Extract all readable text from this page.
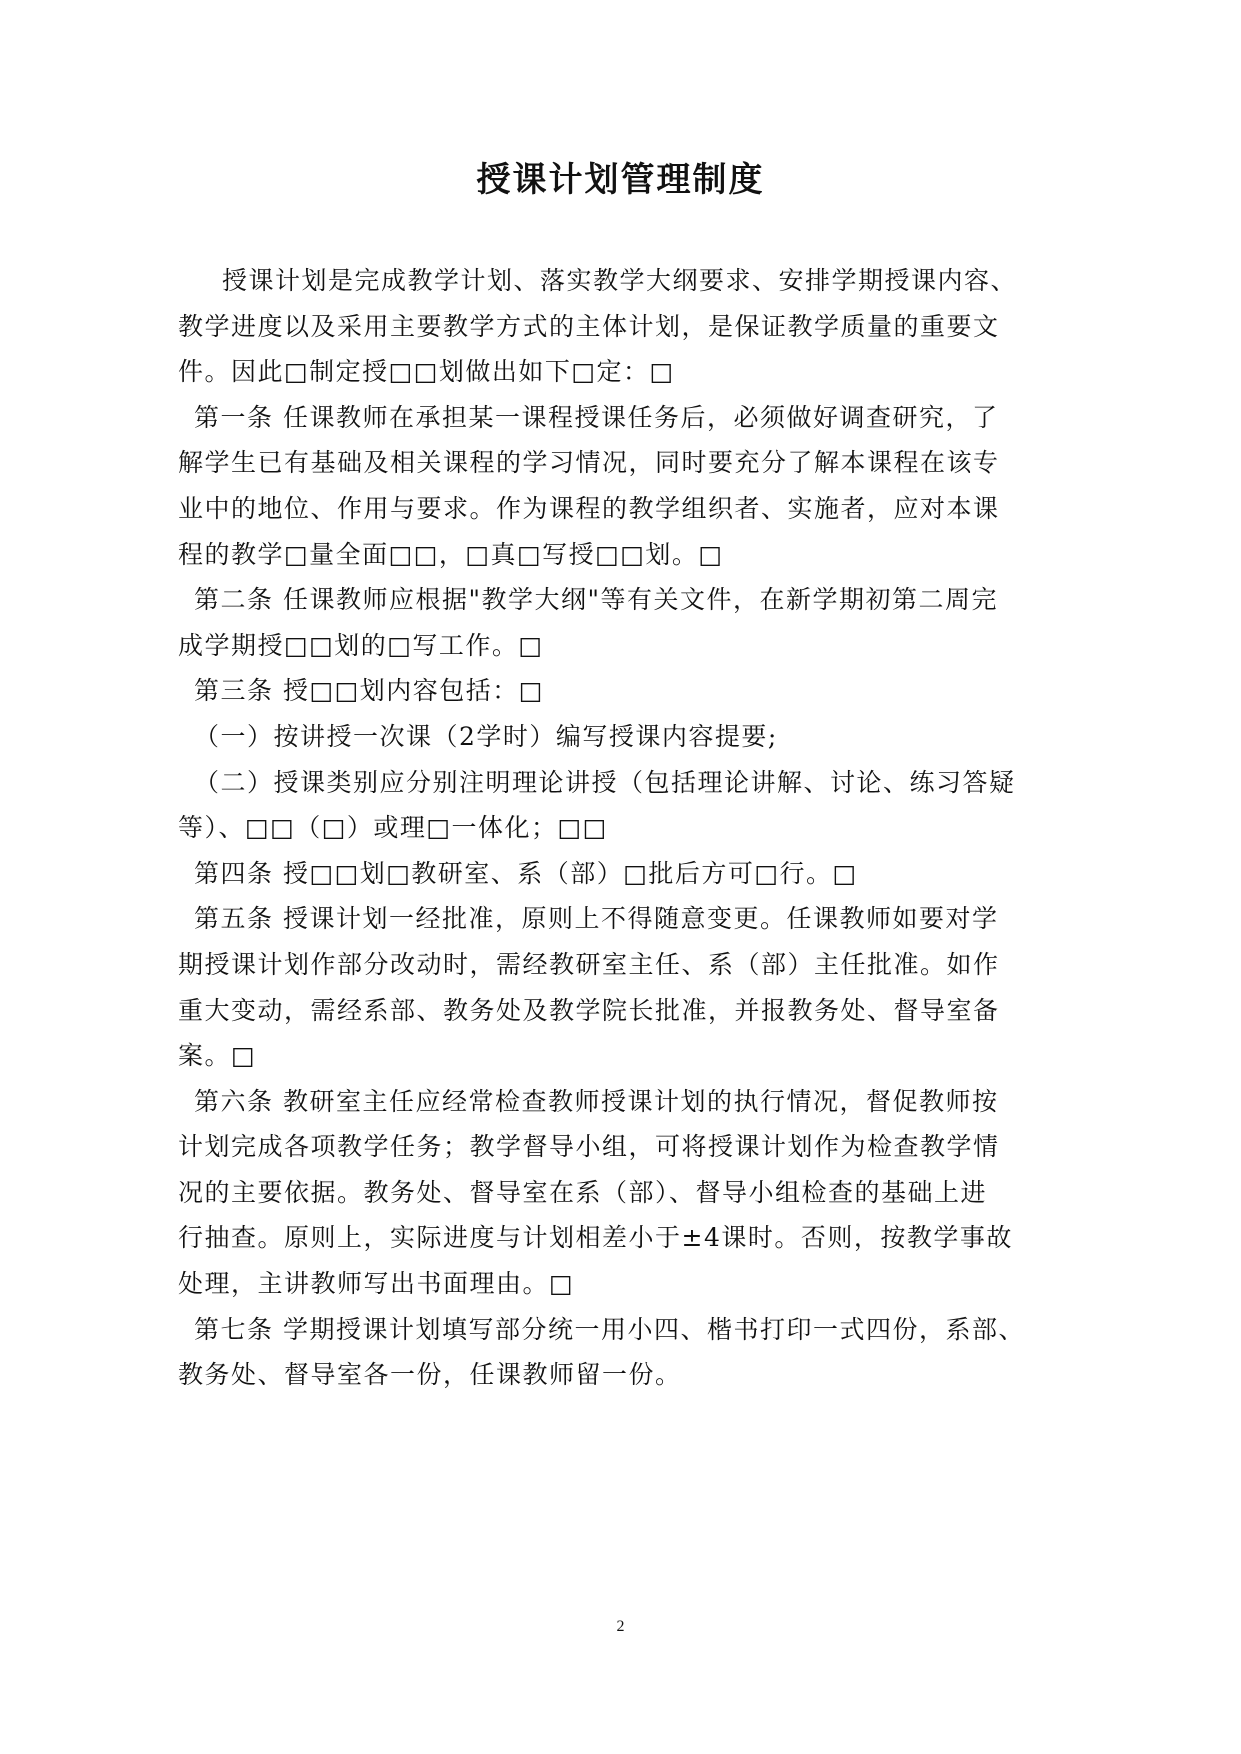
授课计划管理制度
授课计划是完成教学计划、落实教学大纲要求、安排学期授课内容、
教学进度以及采用主要教学方式的主体计划，是保证教学质量的重要文
件。因此□制定授□□划做出如下□定：□
第一条 任课教师在承担某一课程授课任务后，必须做好调查研究，了
解学生已有基础及相关课程的学习情况，同时要充分了解本课程在该专
业中的地位、作用与要求。作为课程的教学组织者、实施者，应对本课
程的教学□量全面□□，□真□写授□□划。□
第二条 任课教师应根据"教学大纲"等有关文件，在新学期初第二周完
成学期授□□划的□写工作。□
第三条 授□□划内容包括：□
（一）按讲授一次课（2学时）编写授课内容提要;
（二）授课类别应分别注明理论讲授（包括理论讲解、讨论、练习答疑
等）、□□（□）或理□一体化；□□
第四条 授□□划□教研室、系（部）□批后方可□行。□
第五条 授课计划一经批准，原则上不得随意变更。任课教师如要对学
期授课计划作部分改动时，需经教研室主任、系（部）主任批准。如作
重大变动，需经系部、教务处及教学院长批准，并报教务处、督导室备
案。□
第六条 教研室主任应经常检查教师授课计划的执行情况，督促教师按
计划完成各项教学任务；教学督导小组，可将授课计划作为检查教学情
况的主要依据。教务处、督导室在系（部）、督导小组检查的基础上进
行抽查。原则上，实际进度与计划相差小于±4课时。否则，按教学事故
处理，主讲教师写出书面理由。□
第七条 学期授课计划填写部分统一用小四、楷书打印一式四份，系部、
教务处、督导室各一份，任课教师留一份。
2
